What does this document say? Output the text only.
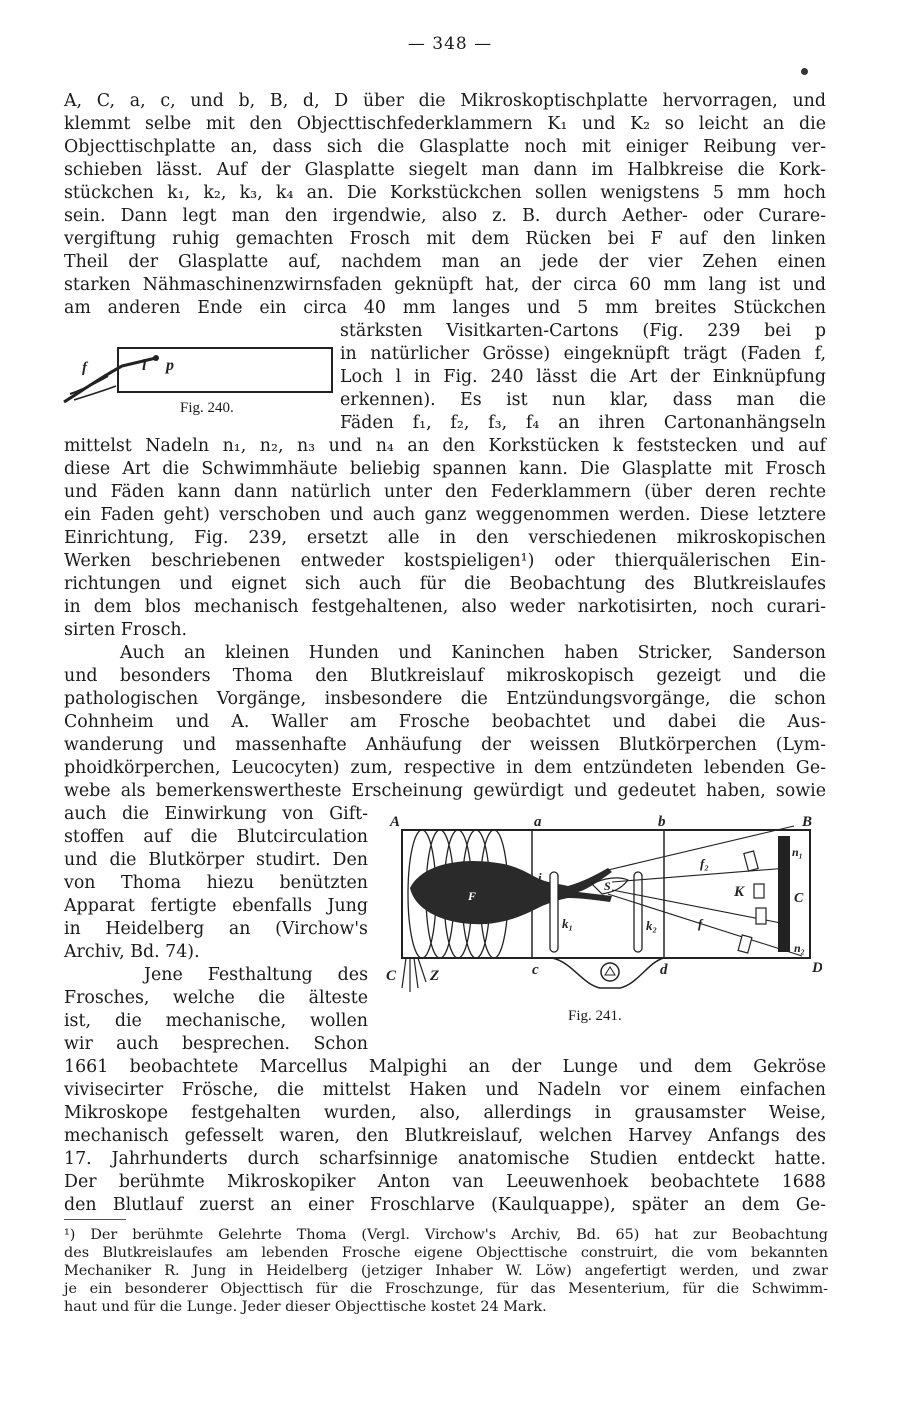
— 348 —
A, C, a, c, und b, B, d, D über die Mikroskoptischplatte hervorragen, und
klemmt selbe mit den Objecttischfederklammern K₁ und K₂ so leicht an die
Objecttischplatte an, dass sich die Glasplatte noch mit einiger Reibung ver-
schieben lässt. Auf der Glasplatte siegelt man dann im Halbkreise die Kork-
stückchen k₁, k₂, k₃, k₄ an. Die Korkstückchen sollen wenigstens 5 mm hoch
sein. Dann legt man den irgendwie, also z. B. durch Aether- oder Curare-
vergiftung ruhig gemachten Frosch mit dem Rücken bei F auf den linken
Theil der Glasplatte auf, nachdem man an jede der vier Zehen einen
starken Nähmaschinenzwirnsfaden geknüpft hat, der circa 60 mm lang ist und
am anderen Ende ein circa 40 mm langes und 5 mm breites Stückchen
f	l p
Fig. 240.
stärksten Visitkarten-Cartons (Fig. 239 bei p
in natürlicher Grösse) eingeknüpft trägt (Faden f,
Loch l in Fig. 240 lässt die Art der Einknüpfung
erkennen). Es ist nun klar, dass man die
Fäden f₁, f₂, f₃, f₄ an ihren Cartonanhängseln
mittelst Nadeln n₁, n₂, n₃ und n₄ an den Korkstücken k feststecken und auf
diese Art die Schwimmhäute beliebig spannen kann. Die Glasplatte mit Frosch
und Fäden kann dann natürlich unter den Federklammern (über deren rechte
ein Faden geht) verschoben und auch ganz weggenommen werden. Diese letztere
Einrichtung, Fig. 239, ersetzt alle in den verschiedenen mikroskopischen
Werken beschriebenen entweder kostspieligen¹) oder thierquälerischen Ein-
richtungen und eignet sich auch für die Beobachtung des Blutkreislaufes
in dem blos mechanisch festgehaltenen, also weder narkotisirten, noch curari-
sirten Frosch.
Auch an kleinen Hunden und Kaninchen haben Stricker, Sanderson
und besonders Thoma den Blutkreislauf mikroskopisch gezeigt und die
pathologischen Vorgänge, insbesondere die Entzündungsvorgänge, die schon
Cohnheim und A. Waller am Frosche beobachtet und dabei die Aus-
wanderung und massenhafte Anhäufung der weissen Blutkörperchen (Lym-
phoidkörperchen, Leucocyten) zum, respective in dem entzündeten lebenden Ge-
webe als bemerkenswertheste Erscheinung gewürdigt und gedeutet haben, sowie
auch die Einwirkung von Gift-
stoffen auf die Blutcirculation
und die Blutkörper studirt. Den
von Thoma hiezu benützten
Apparat fertigte ebenfalls Jung
in Heidelberg an (Virchow's
Archiv, Bd. 74).
Jene Festhaltung des
Frosches, welche die älteste
ist, die mechanische, wollen
wir auch besprechen. Schon
A	a	b	B
C Z	c	d	D
F
i
S
k₁	k₂
K	C
f
f₂
n₁
n₂
Fig. 241.
1661 beobachtete Marcellus Malpighi an der Lunge und dem Gekröse
vivisecirter Frösche, die mittelst Haken und Nadeln vor einem einfachen
Mikroskope festgehalten wurden, also, allerdings in grausamster Weise,
mechanisch gefesselt waren, den Blutkreislauf, welchen Harvey Anfangs des
17. Jahrhunderts durch scharfsinnige anatomische Studien entdeckt hatte.
Der berühmte Mikroskopiker Anton van Leeuwenhoek beobachtete 1688
den Blutlauf zuerst an einer Froschlarve (Kaulquappe), später an dem Ge-
¹) Der berühmte Gelehrte Thoma (Vergl. Virchow's Archiv, Bd. 65) hat zur Beobachtung
des Blutkreislaufes am lebenden Frosche eigene Objecttische construirt, die vom bekannten
Mechaniker R. Jung in Heidelberg (jetziger Inhaber W. Löw) angefertigt werden, und zwar
je ein besonderer Objecttisch für die Froschzunge, für das Mesenterium, für die Schwimm-
haut und für die Lunge. Jeder dieser Objecttische kostet 24 Mark.
